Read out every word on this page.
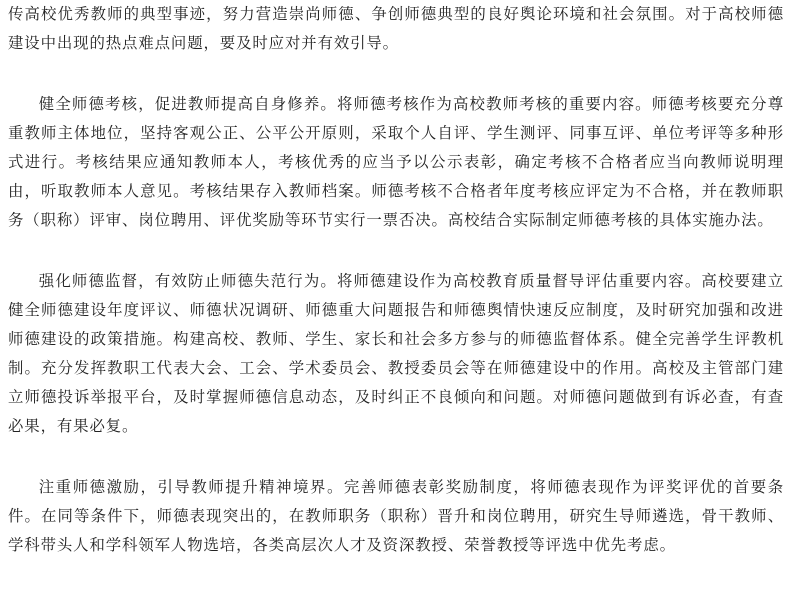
传高校优秀教师的典型事迹，努力营造崇尚师德、争创师德典型的良好舆论环境和社会氛围。对于高校师德建设中出现的热点难点问题，要及时应对并有效引导。

健全师德考核，促进教师提高自身修养。将师德考核作为高校教师考核的重要内容。师德考核要充分尊重教师主体地位，坚持客观公正、公平公开原则，采取个人自评、学生测评、同事互评、单位考评等多种形式进行。考核结果应通知教师本人，考核优秀的应当予以公示表彰，确定考核不合格者应当向教师说明理由，听取教师本人意见。考核结果存入教师档案。师德考核不合格者年度考核应评定为不合格，并在教师职务（职称）评审、岗位聘用、评优奖励等环节实行一票否决。高校结合实际制定师德考核的具体实施办法。

强化师德监督，有效防止师德失范行为。将师德建设作为高校教育质量督导评估重要内容。高校要建立健全师德建设年度评议、师德状况调研、师德重大问题报告和师德舆情快速反应制度，及时研究加强和改进师德建设的政策措施。构建高校、教师、学生、家长和社会多方参与的师德监督体系。健全完善学生评教机制。充分发挥教职工代表大会、工会、学术委员会、教授委员会等在师德建设中的作用。高校及主管部门建立师德投诉举报平台，及时掌握师德信息动态，及时纠正不良倾向和问题。对师德问题做到有诉必查，有查必果，有果必复。

注重师德激励，引导教师提升精神境界。完善师德表彰奖励制度，将师德表现作为评奖评优的首要条件。在同等条件下，师德表现突出的，在教师职务（职称）晋升和岗位聘用，研究生导师遴选，骨干教师、学科带头人和学科领军人物选培，各类高层次人才及资深教授、荣誉教授等评选中优先考虑。
